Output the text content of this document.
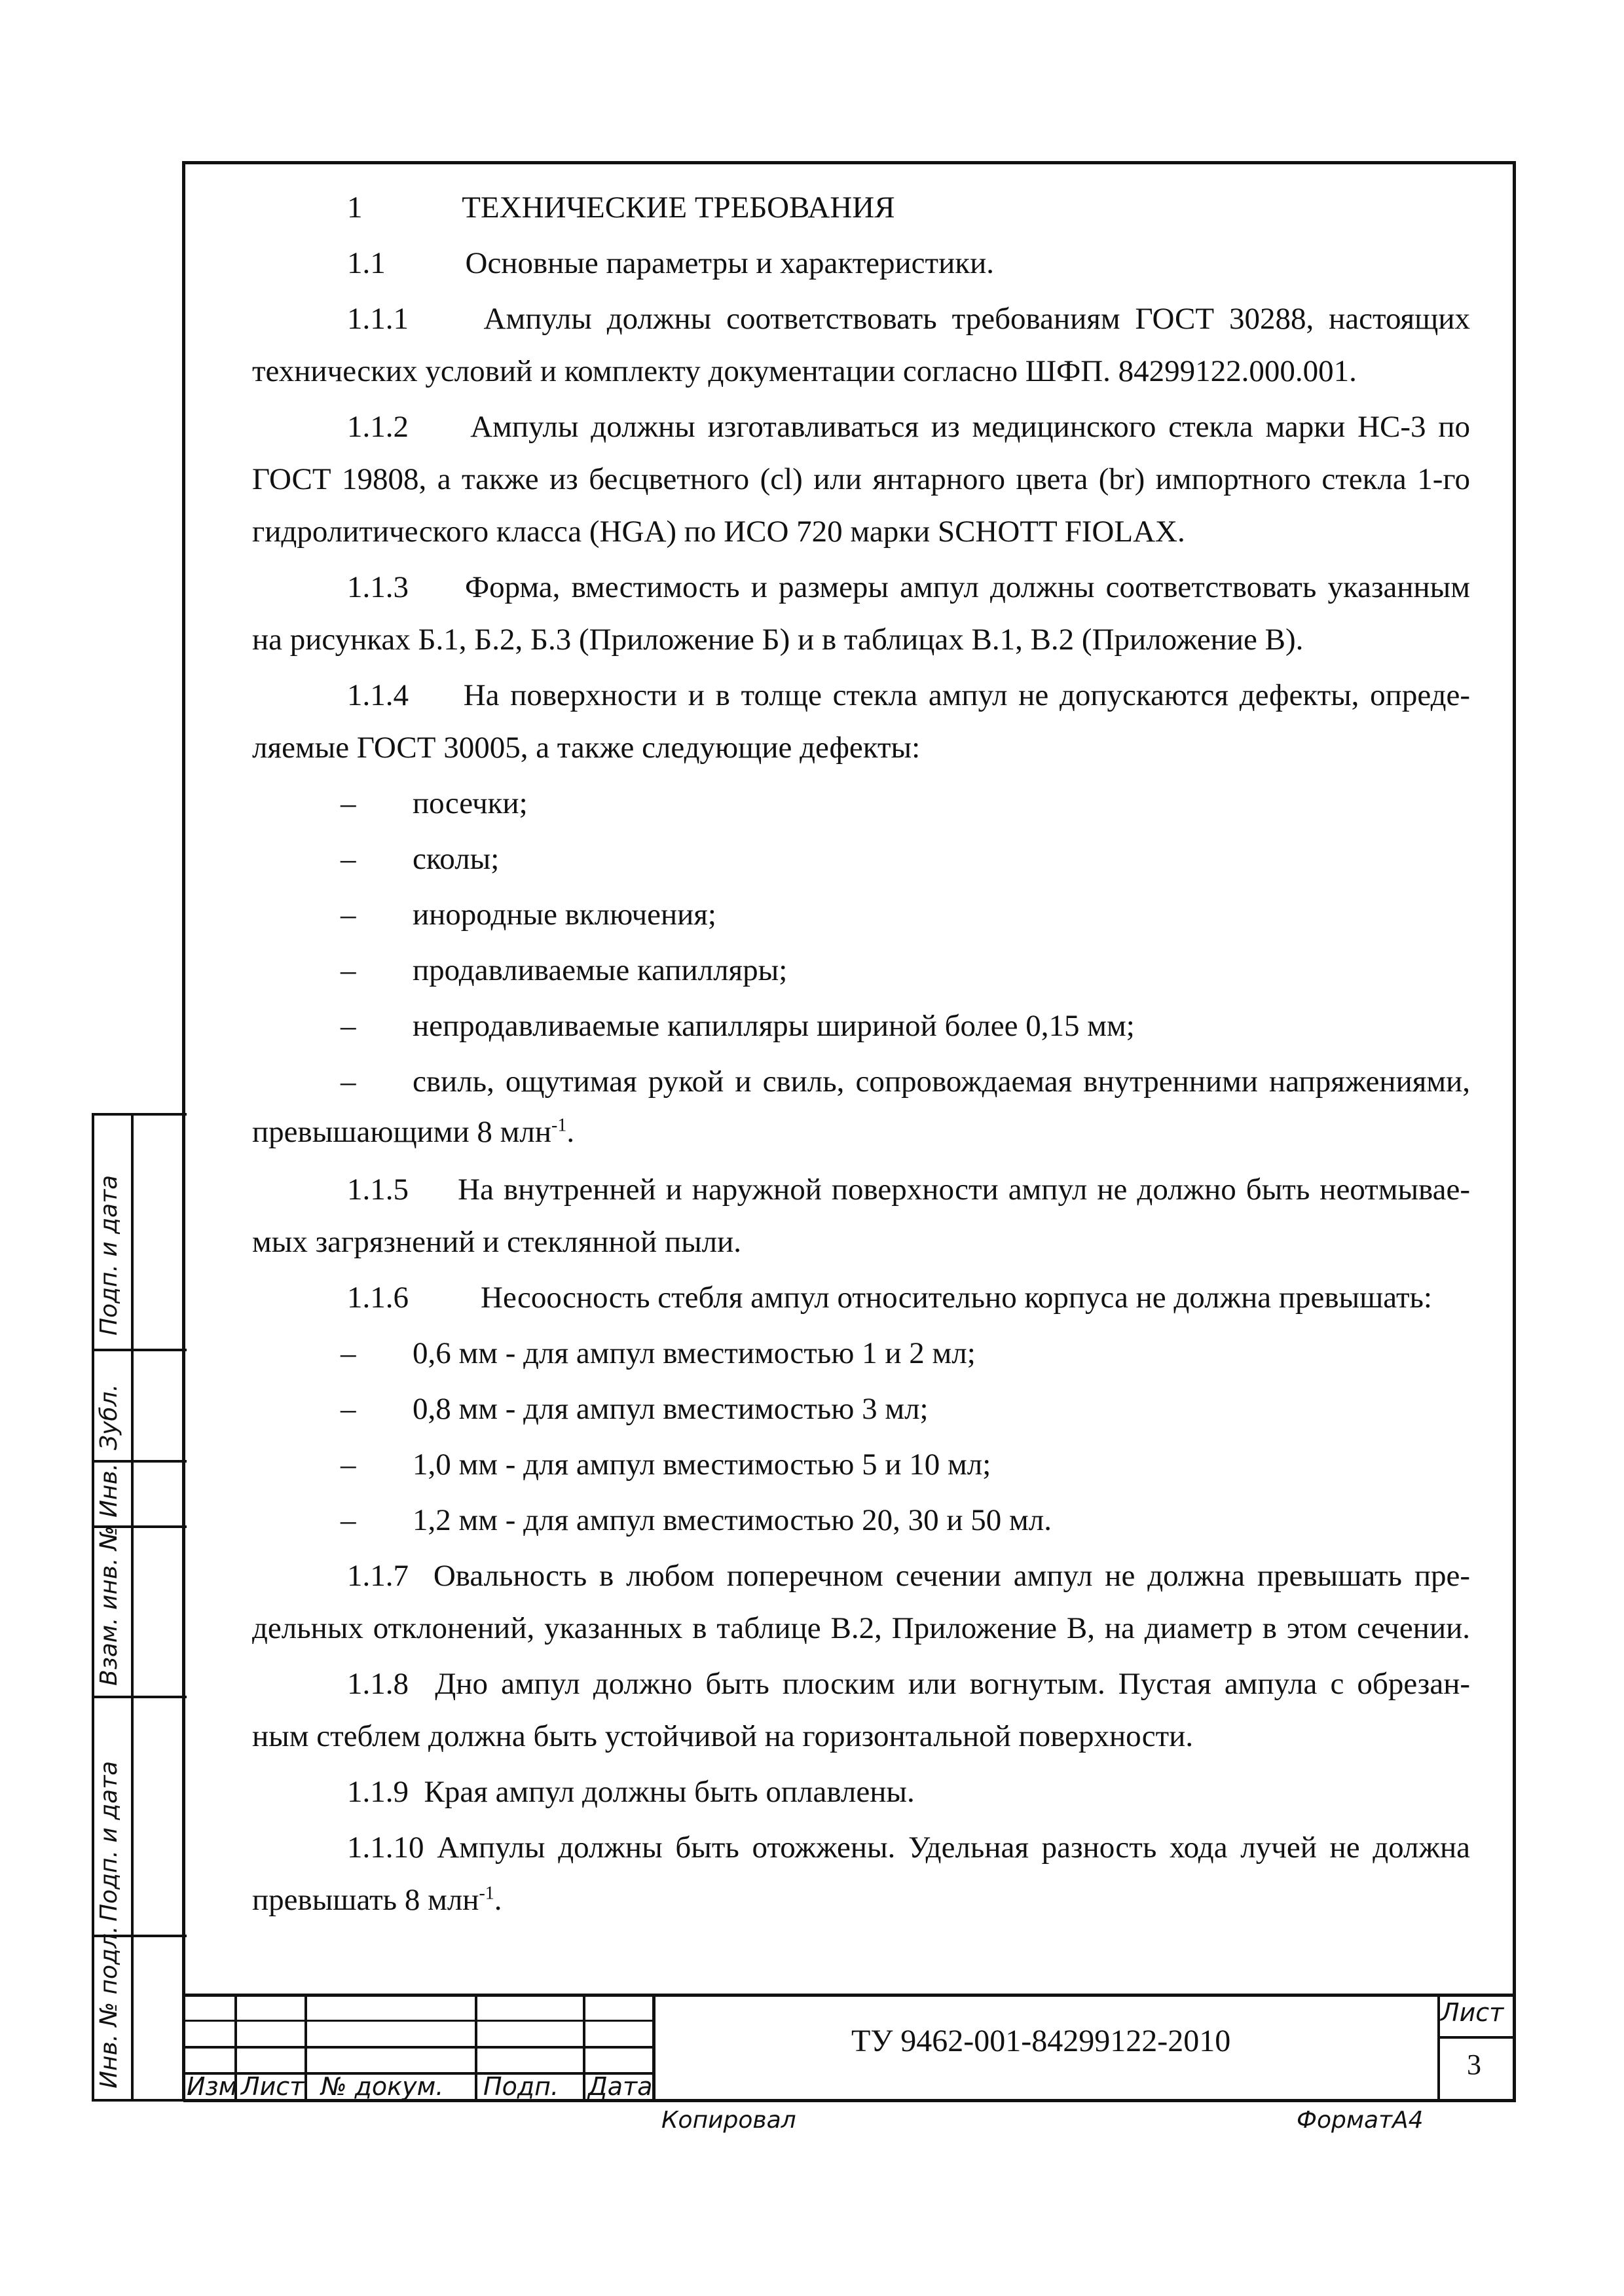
1	ТЕХНИЧЕСКИЕ ТРЕБОВАНИЯ
1.1	Основные параметры и характеристики.
1.1.1 Ампулы должны соответствовать требованиям ГОСТ 30288, настоящих
технических условий и комплекту документации согласно ШФП. 84299122.000.001.
1.1.2 Ампулы должны изготавливаться из медицинского стекла марки НС-3 по
ГОСТ 19808, а также из бесцветного (cl) или янтарного цвета (br) импортного стекла 1-го
гидролитического класса (HGA) по ИСО 720 марки SCHOTT FIOLAX.
1.1.3 Форма, вместимость и размеры ампул должны соответствовать указанным
на рисунках Б.1, Б.2, Б.3 (Приложение Б) и в таблицах В.1, В.2 (Приложение В).
1.1.4 На поверхности и в толще стекла ампул не допускаются дефекты, опреде-
ляемые ГОСТ 30005, а также следующие дефекты:
– посечки;
– сколы;
– инородные включения;
– продавливаемые капилляры;
– непродавливаемые капилляры шириной более 0,15 мм;
– свиль, ощутимая рукой и свиль, сопровождаемая внутренними напряжениями,
превышающими 8 млн$^{-1}$.
1.1.5 На внутренней и наружной поверхности ампул не должно быть неотмывае-
мых загрязнений и стеклянной пыли.
1.1.6 Несоосность стебля ампул относительно корпуса не должна превышать:
– 0,6 мм - для ампул вместимостью 1 и 2 мл;
– 0,8 мм - для ампул вместимостью 3 мл;
– 1,0 мм - для ампул вместимостью 5 и 10 мл;
– 1,2 мм - для ампул вместимостью 20, 30 и 50 мл.
1.1.7 Овальность в любом поперечном сечении ампул не должна превышать пре-
дельных отклонений, указанных в таблице В.2, Приложение В, на диаметр в этом сечении.
1.1.8 Дно ампул должно быть плоским или вогнутым. Пустая ампула с обрезан-
ным стеблем должна быть устойчивой на горизонтальной поверхности.
1.1.9 Края ампул должны быть оплавлены.
1.1.10 Ампулы должны быть отожжены. Удельная разность хода лучей не должна
превышать 8 млн$^{-1}$.
Подп. и дата
Зубл.
Инв.
Взам. инв. №
Подп. и дата
Инв. № подл.	Изм Лист № докум. Подп. Дата
ТУ 9462-001-84299122-2010
Лист
3
Копировал	ФорматА4
